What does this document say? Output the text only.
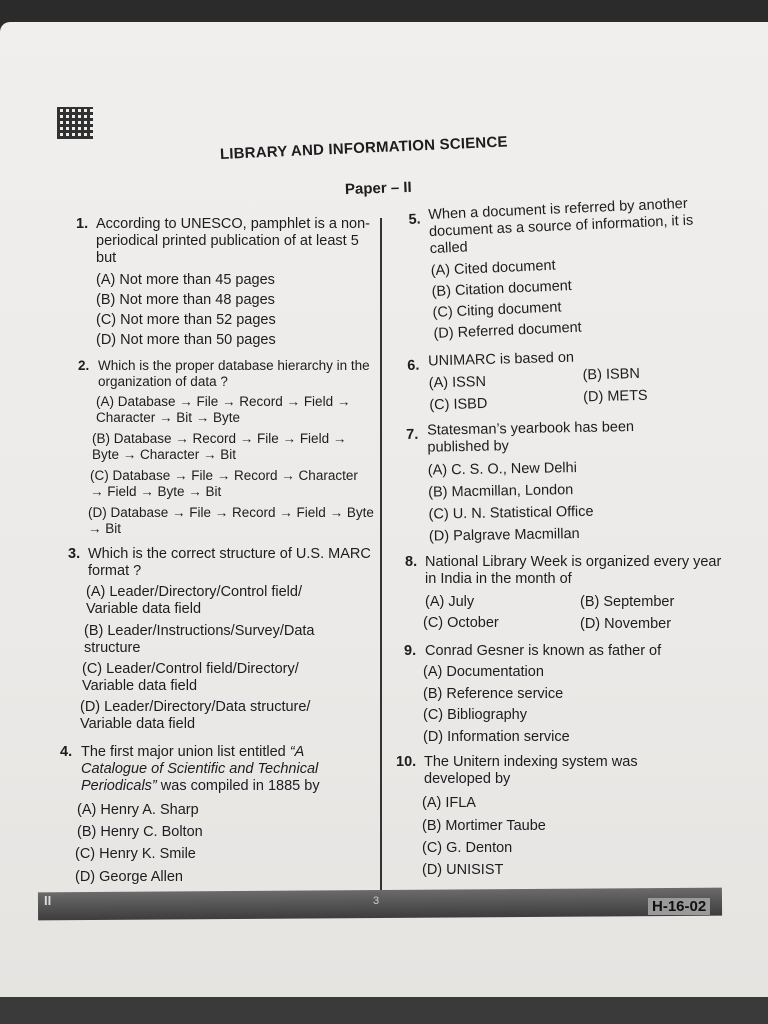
LIBRARY AND INFORMATION SCIENCE
Paper – II
1. According to UNESCO, pamphlet is a non-periodical printed publication of at least 5 but
(A) Not more than 45 pages
(B) Not more than 48 pages
(C) Not more than 52 pages
(D) Not more than 50 pages
2. Which is the proper database hierarchy in the organization of data ?
(A) Database → File → Record → Field → Character → Bit → Byte
(B) Database → Record → File → Field → Byte → Character → Bit
(C) Database → File → Record → Character → Field → Byte → Bit
(D) Database → File → Record → Field → Byte → Bit
3. Which is the correct structure of U.S. MARC format ?
(A) Leader/Directory/Control field/ Variable data field
(B) Leader/Instructions/Survey/Data structure
(C) Leader/Control field/Directory/ Variable data field
(D) Leader/Directory/Data structure/ Variable data field
4. The first major union list entitled “A Catalogue of Scientific and Technical Periodicals” was compiled in 1885 by
(A) Henry A. Sharp
(B) Henry C. Bolton
(C) Henry K. Smile
(D) George Allen
5. When a document is referred by another document as a source of information, it is called
(A) Cited document
(B) Citation document
(C) Citing document
(D) Referred document
6. UNIMARC is based on
(A) ISSN	(B) ISBN
(C) ISBD	(D) METS
7. Statesman’s yearbook has been published by
(A) C. S. O., New Delhi
(B) Macmillan, London
(C) U. N. Statistical Office
(D) Palgrave Macmillan
8. National Library Week is organized every year in India in the month of
(A) July	(B) September
(C) October	(D) November
9. Conrad Gesner is known as father of
(A) Documentation
(B) Reference service
(C) Bibliography
(D) Information service
10. The Unitern indexing system was developed by
(A) IFLA
(B) Mortimer Taube
(C) G. Denton
(D) UNISIST
II	3	H-16-02
